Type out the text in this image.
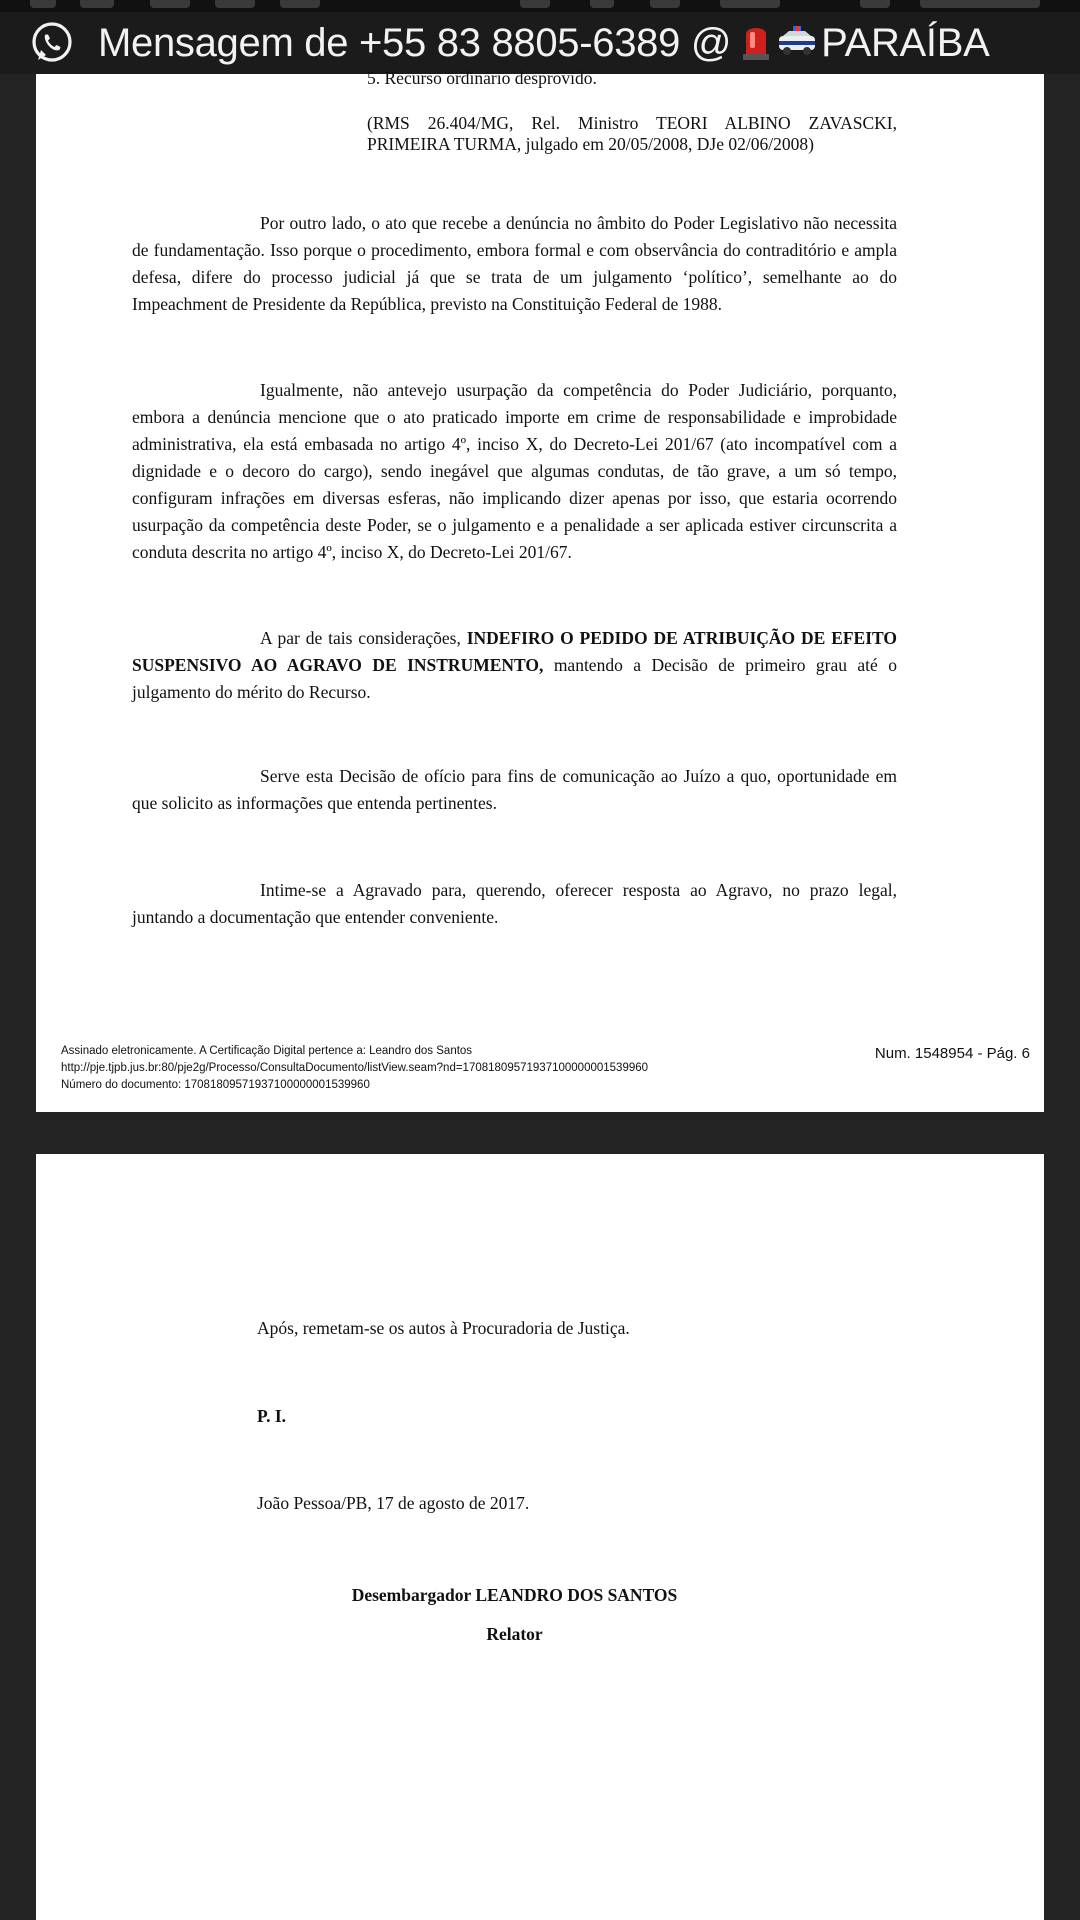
Mensagem de +55 83 8805-6389 @ PARAÍBA
5. Recurso ordinário desprovido.
(RMS 26.404/MG, Rel. Ministro TEORI ALBINO ZAVASCKI,
PRIMEIRA TURMA, julgado em 20/05/2008, DJe 02/06/2008)
Por outro lado, o ato que recebe a denúncia no âmbito do Poder Legislativo não necessita de fundamentação. Isso porque o procedimento, embora formal e com observância do contraditório e ampla defesa, difere do processo judicial já que se trata de um julgamento ‘político’, semelhante ao do Impeachment de Presidente da República, previsto na Constituição Federal de 1988.
Igualmente, não antevejo usurpação da competência do Poder Judiciário, porquanto, embora a denúncia mencione que o ato praticado importe em crime de responsabilidade e improbidade administrativa, ela está embasada no artigo 4º, inciso X, do Decreto-Lei 201/67 (ato incompatível com a dignidade e o decoro do cargo), sendo inegável que algumas condutas, de tão grave, a um só tempo, configuram infrações em diversas esferas, não implicando dizer apenas por isso, que estaria ocorrendo usurpação da competência deste Poder, se o julgamento e a penalidade a ser aplicada estiver circunscrita a conduta descrita no artigo 4º, inciso X, do Decreto-Lei 201/67.
A par de tais considerações, INDEFIRO O PEDIDO DE ATRIBUIÇÃO DE EFEITO SUSPENSIVO AO AGRAVO DE INSTRUMENTO, mantendo a Decisão de primeiro grau até o julgamento do mérito do Recurso.
Serve esta Decisão de ofício para fins de comunicação ao Juízo a quo, oportunidade em que solicito as informações que entenda pertinentes.
Intime-se a Agravado para, querendo, oferecer resposta ao Agravo, no prazo legal, juntando a documentação que entender conveniente.
Assinado eletronicamente. A Certificação Digital pertence a: Leandro dos Santos
http://pje.tjpb.jus.br:80/pje2g/Processo/ConsultaDocumento/listView.seam?nd=17081809571937100000001539960
Número do documento: 17081809571937100000001539960
Num. 1548954 - Pág. 6
Após, remetam-se os autos à Procuradoria de Justiça.
P. I.
João Pessoa/PB, 17 de agosto de 2017.
Desembargador LEANDRO DOS SANTOS
Relator
